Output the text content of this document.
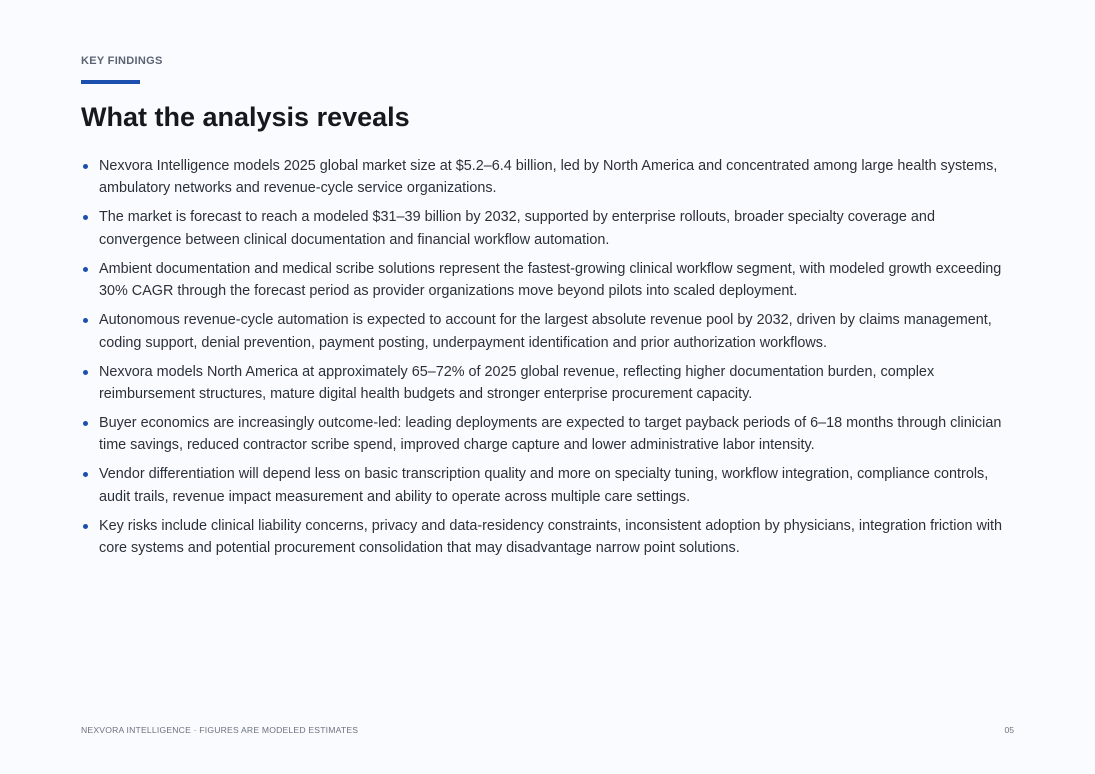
KEY FINDINGS
What the analysis reveals
Nexvora Intelligence models 2025 global market size at $5.2–6.4 billion, led by North America and concentrated among large health systems, ambulatory networks and revenue-cycle service organizations.
The market is forecast to reach a modeled $31–39 billion by 2032, supported by enterprise rollouts, broader specialty coverage and convergence between clinical documentation and financial workflow automation.
Ambient documentation and medical scribe solutions represent the fastest-growing clinical workflow segment, with modeled growth exceeding 30% CAGR through the forecast period as provider organizations move beyond pilots into scaled deployment.
Autonomous revenue-cycle automation is expected to account for the largest absolute revenue pool by 2032, driven by claims management, coding support, denial prevention, payment posting, underpayment identification and prior authorization workflows.
Nexvora models North America at approximately 65–72% of 2025 global revenue, reflecting higher documentation burden, complex reimbursement structures, mature digital health budgets and stronger enterprise procurement capacity.
Buyer economics are increasingly outcome-led: leading deployments are expected to target payback periods of 6–18 months through clinician time savings, reduced contractor scribe spend, improved charge capture and lower administrative labor intensity.
Vendor differentiation will depend less on basic transcription quality and more on specialty tuning, workflow integration, compliance controls, audit trails, revenue impact measurement and ability to operate across multiple care settings.
Key risks include clinical liability concerns, privacy and data-residency constraints, inconsistent adoption by physicians, integration friction with core systems and potential procurement consolidation that may disadvantage narrow point solutions.
NEXVORA INTELLIGENCE · FIGURES ARE MODELED ESTIMATES	05
